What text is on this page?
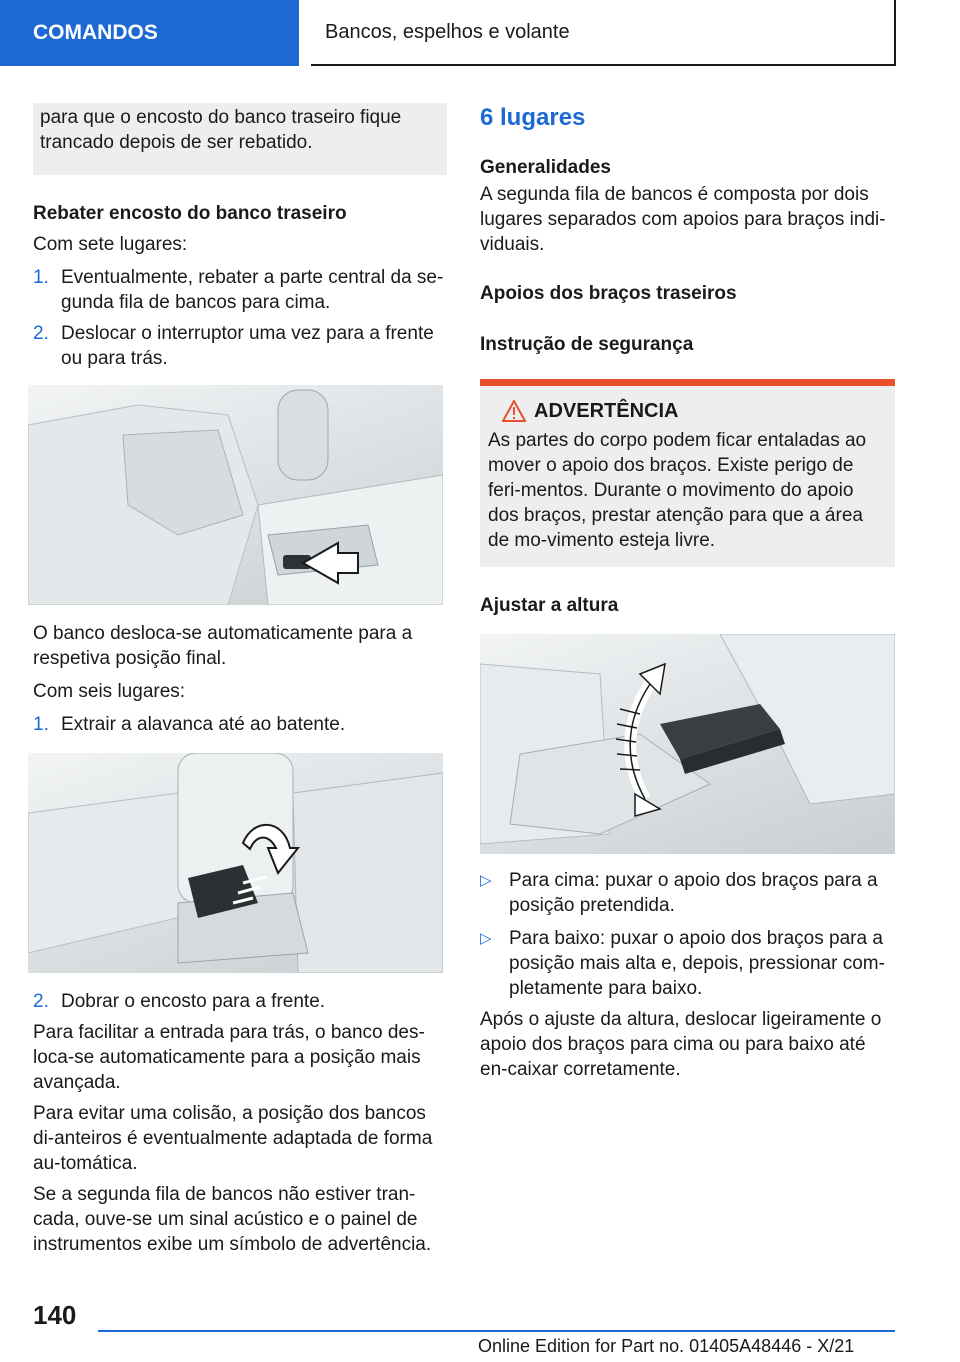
COMANDOS	Bancos, espelhos e volante

para que o encosto do banco traseiro fique trancado depois de ser rebatido.

Rebater encosto do banco traseiro

Com sete lugares:

1. Eventualmente, rebater a parte central da se-gunda fila de bancos para cima.
2. Deslocar o interruptor uma vez para a frente ou para trás.

O banco desloca-se automaticamente para a respetiva posição final.

Com seis lugares:

1. Extrair a alavanca até ao batente.
2. Dobrar o encosto para a frente.

Para facilitar a entrada para trás, o banco des-loca-se automaticamente para a posição mais avançada.

Para evitar uma colisão, a posição dos bancos di-anteiros é eventualmente adaptada de forma au-tomática.

Se a segunda fila de bancos não estiver tran-cada, ouve-se um sinal acústico e o painel de instrumentos exibe um símbolo de advertência.

6 lugares

Generalidades

A segunda fila de bancos é composta por dois lugares separados com apoios para braços indi-viduais.

Apoios dos braços traseiros

Instrução de segurança

ADVERTÊNCIA

As partes do corpo podem ficar entaladas ao mover o apoio dos braços. Existe perigo de feri-mentos. Durante o movimento do apoio dos braços, prestar atenção para que a área de mo-vimento esteja livre.

Ajustar a altura

▷ Para cima: puxar o apoio dos braços para a posição pretendida.
▷ Para baixo: puxar o apoio dos braços para a posição mais alta e, depois, pressionar com-pletamente para baixo.

Após o ajuste da altura, deslocar ligeiramente o apoio dos braços para cima ou para baixo até en-caixar corretamente.

140
Online Edition for Part no. 01405A48446 - X/21
